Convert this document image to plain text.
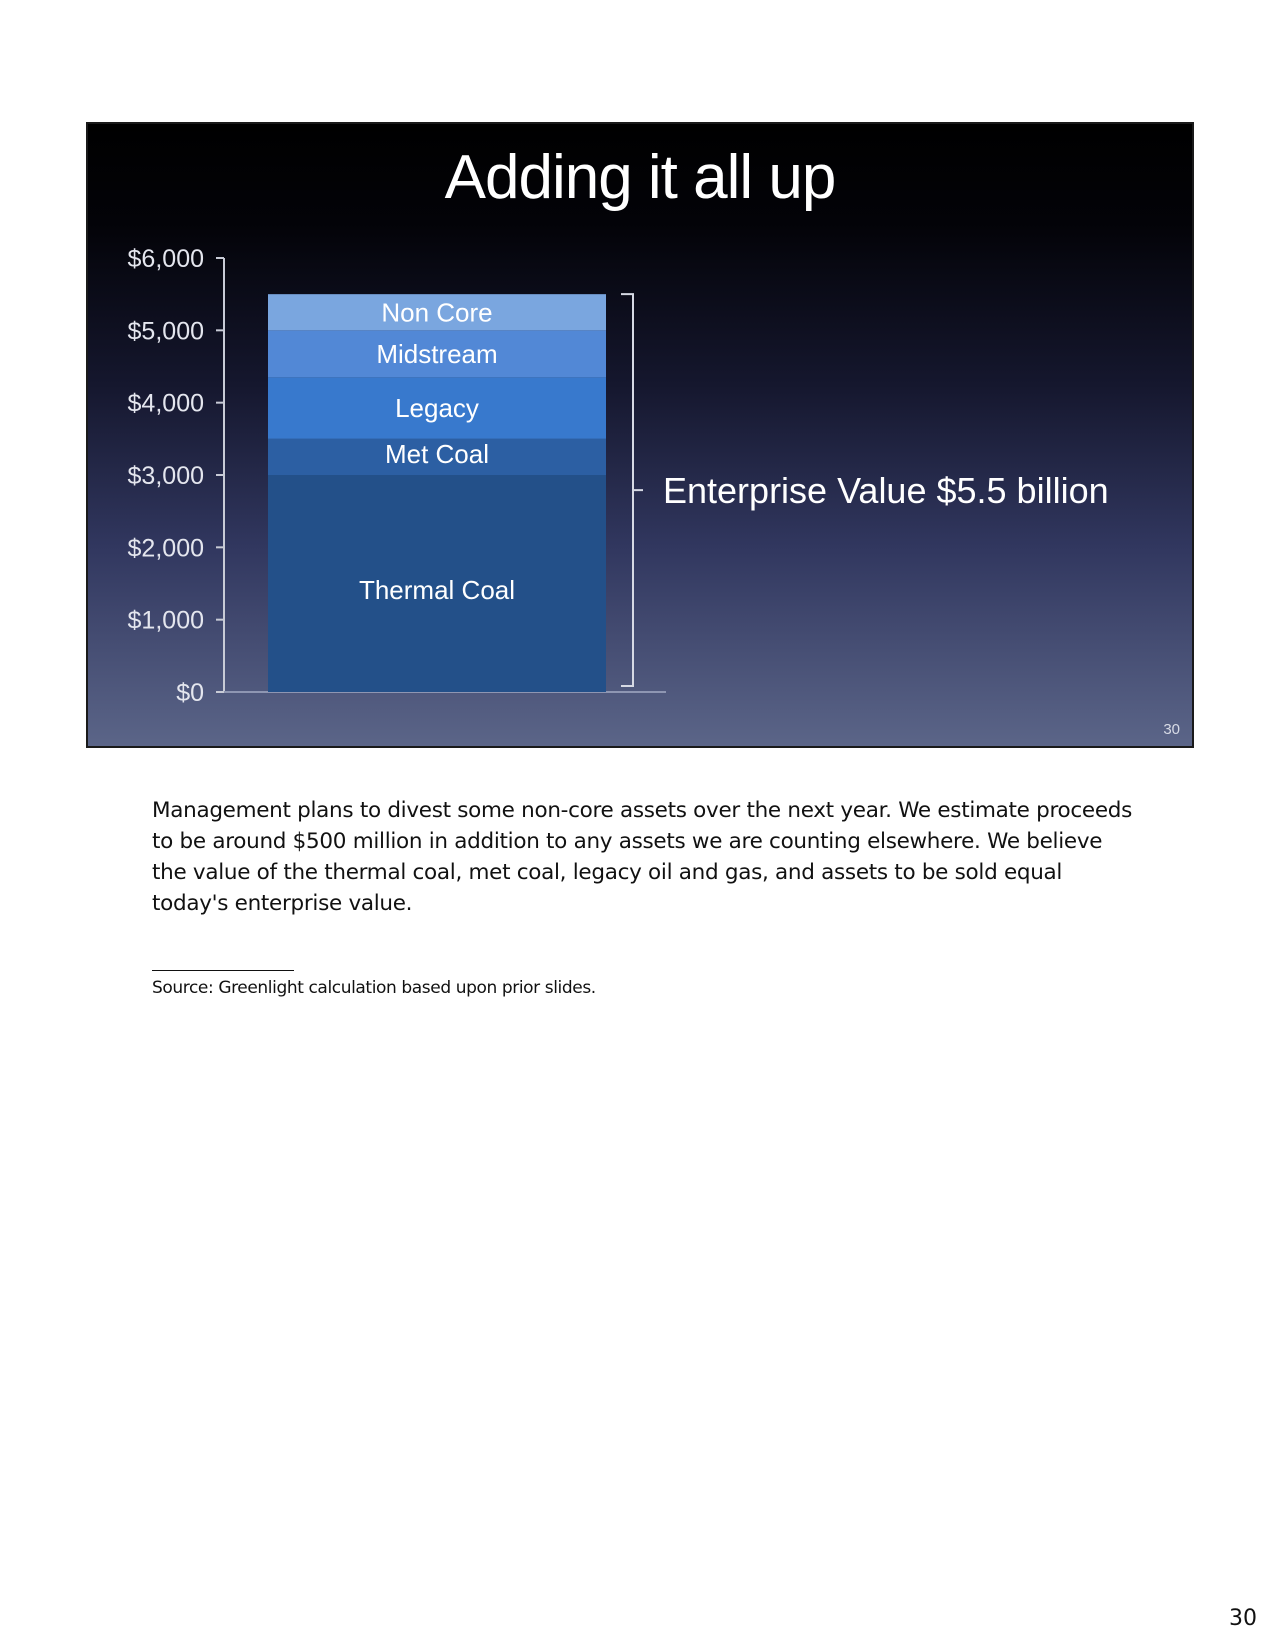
Adding it all up
$0
$1,000
$2,000
$3,000
$4,000
$5,000
$6,000
Thermal Coal
Met Coal
Legacy
Midstream
Non Core
Enterprise Value $5.5 billion
30
Management plans to divest some non-core assets over the next year. We estimate proceeds to be around $500 million in addition to any assets we are counting elsewhere. We believe the value of the thermal coal, met coal, legacy oil and gas, and assets to be sold equal today's enterprise value.
Source: Greenlight calculation based upon prior slides.
30
